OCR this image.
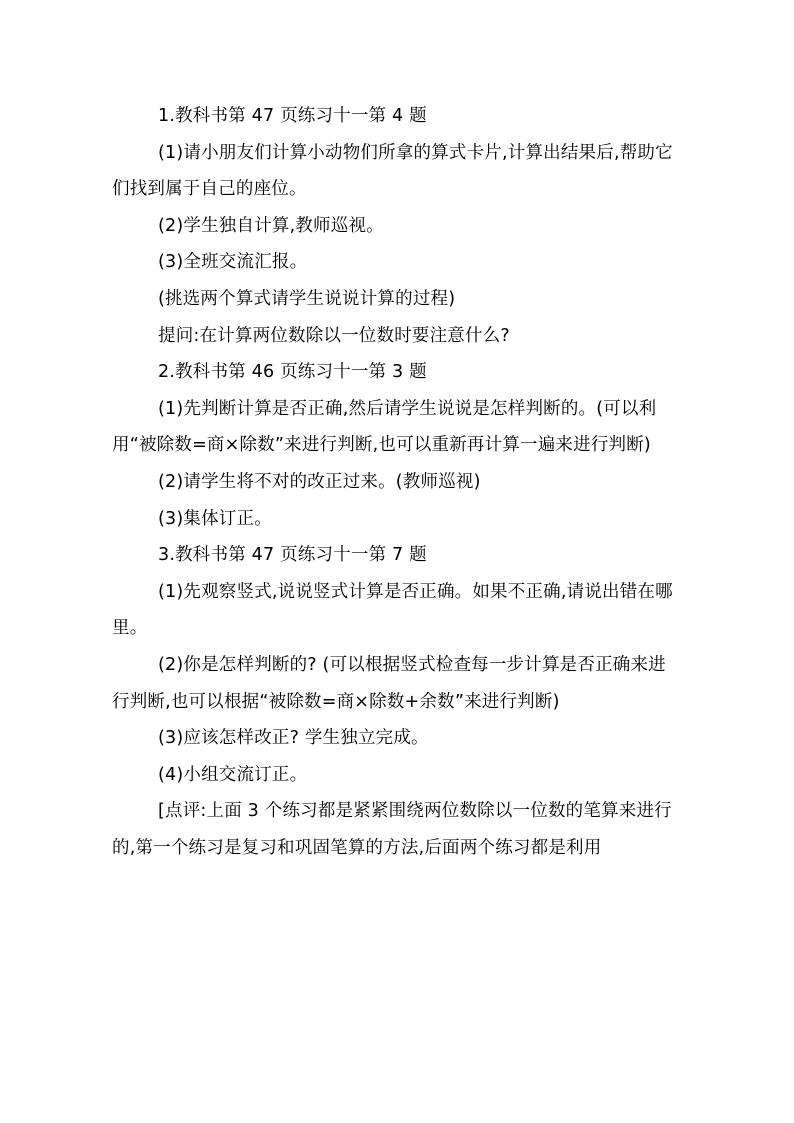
1.教科书第 47 页练习十一第 4 题

(1)请小朋友们计算小动物们所拿的算式卡片,计算出结果后,帮助它们找到属于自己的座位。

(2)学生独自计算,教师巡视。

(3)全班交流汇报。

(挑选两个算式请学生说说计算的过程)

提问:在计算两位数除以一位数时要注意什么?

2.教科书第 46 页练习十一第 3 题

(1)先判断计算是否正确,然后请学生说说是怎样判断的。(可以利用“被除数=商×除数”来进行判断,也可以重新再计算一遍来进行判断)

(2)请学生将不对的改正过来。(教师巡视)

(3)集体订正。

3.教科书第 47 页练习十一第 7 题

(1)先观察竖式,说说竖式计算是否正确。如果不正确,请说出错在哪里。

(2)你是怎样判断的? (可以根据竖式检查每一步计算是否正确来进行判断,也可以根据“被除数=商×除数+余数”来进行判断)

(3)应该怎样改正? 学生独立完成。

(4)小组交流订正。

[点评:上面 3 个练习都是紧紧围绕两位数除以一位数的笔算来进行的,第一个练习是复习和巩固笔算的方法,后面两个练习都是利用
